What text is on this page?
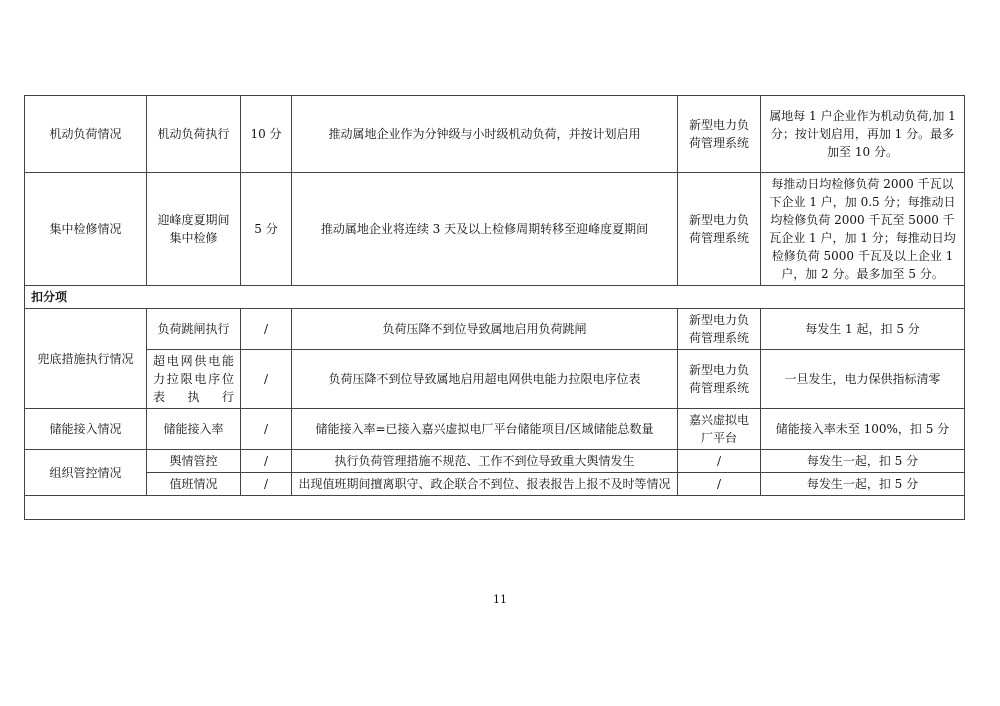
机动负荷情况	机动负荷执行	10 分	推动属地企业作为分钟级与小时级机动负荷，并按计划启用	新型电力负荷管理系统	属地每 1 户企业作为机动负荷,加 1 分；按计划启用，再加 1 分。最多加至 10 分。
集中检修情况	迎峰度夏期间集中检修	5 分	推动属地企业将连续 3 天及以上检修周期转移至迎峰度夏期间	新型电力负荷管理系统	每推动日均检修负荷 2000 千瓦以下企业 1 户，加 0.5 分；每推动日均检修负荷 2000 千瓦至 5000 千瓦企业 1 户，加 1 分；每推动日均检修负荷 5000 千瓦及以上企业 1 户，加 2 分。最多加至 5 分。
扣分项					
兜底措施执行情况	负荷跳闸执行	/	负荷压降不到位导致属地启用负荷跳闸	新型电力负荷管理系统	每发生 1 起，扣 5 分
	超电网供电能力拉限电序位表执行	/	负荷压降不到位导致属地启用超电网供电能力拉限电序位表	新型电力负荷管理系统	一旦发生，电力保供指标清零
储能接入情况	储能接入率	/	储能接入率=已接入嘉兴虚拟电厂平台储能项目/区域储能总数量	嘉兴虚拟电厂平台	储能接入率未至 100%，扣 5 分
组织管控情况	舆情管控	/	执行负荷管理措施不规范、工作不到位导致重大舆情发生	/	每发生一起，扣 5 分
	值班情况	/	出现值班期间擅离职守、政企联合不到位、报表报告上报不及时等情况	/	每发生一起，扣 5 分

11
